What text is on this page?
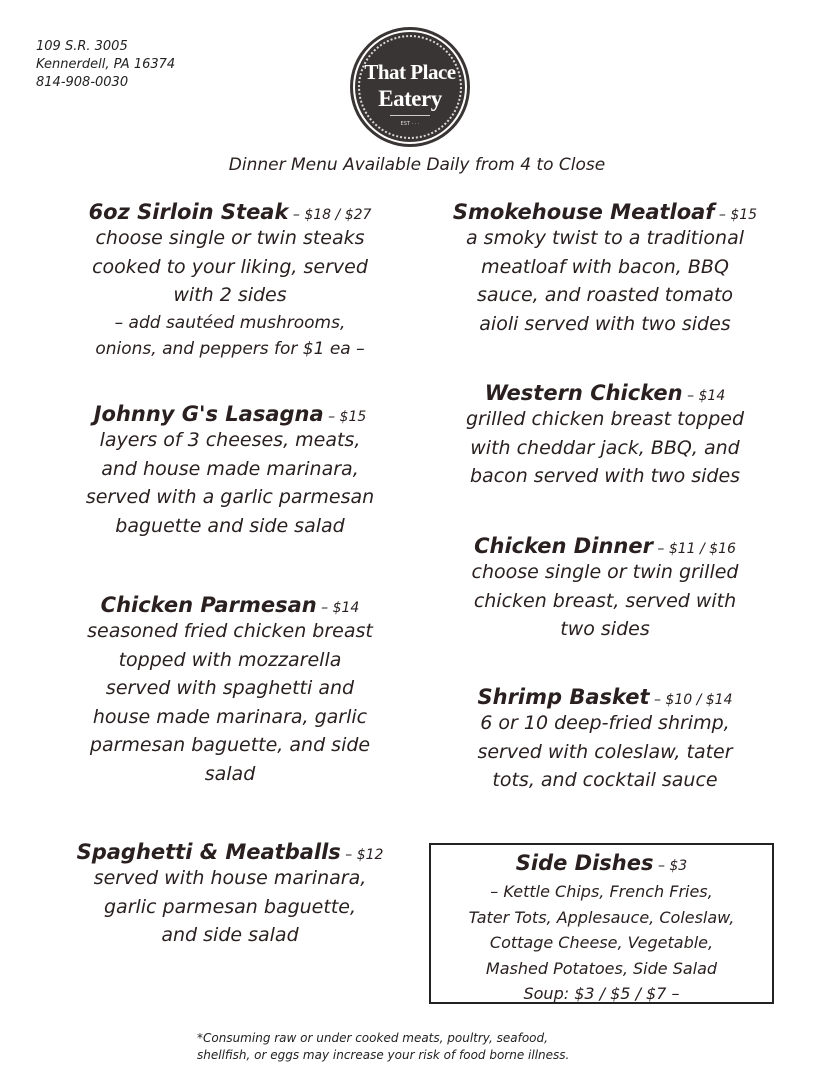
109 S.R. 3005
Kennerdell, PA 16374
814-908-0030	That Place
Eatery
EST · · ·
Dinner Menu Available Daily from 4 to Close
6oz Sirloin Steak – $18 / $27
choose single or twin steaks
cooked to your liking, served
with 2 sides
– add sautéed mushrooms,
onions, and peppers for $1 ea –
Johnny G's Lasagna – $15
layers of 3 cheeses, meats,
and house made marinara,
served with a garlic parmesan
baguette and side salad
Chicken Parmesan – $14
seasoned fried chicken breast
topped with mozzarella
served with spaghetti and
house made marinara, garlic
parmesan baguette, and side
salad
Spaghetti & Meatballs – $12
served with house marinara,
garlic parmesan baguette,
and side salad
Smokehouse Meatloaf – $15
a smoky twist to a traditional
meatloaf with bacon, BBQ
sauce, and roasted tomato
aioli served with two sides
Western Chicken – $14
grilled chicken breast topped
with cheddar jack, BBQ, and
bacon served with two sides
Chicken Dinner – $11 / $16
choose single or twin grilled
chicken breast, served with
two sides
Shrimp Basket – $10 / $14
6 or 10 deep-fried shrimp,
served with coleslaw, tater
tots, and cocktail sauce
Side Dishes – $3
– Kettle Chips, French Fries,
Tater Tots, Applesauce, Coleslaw,
Cottage Cheese, Vegetable,
Mashed Potatoes, Side Salad
Soup: $3 / $5 / $7 –
*Consuming raw or under cooked meats, poultry, seafood,
shellfish, or eggs may increase your risk of food borne illness.
